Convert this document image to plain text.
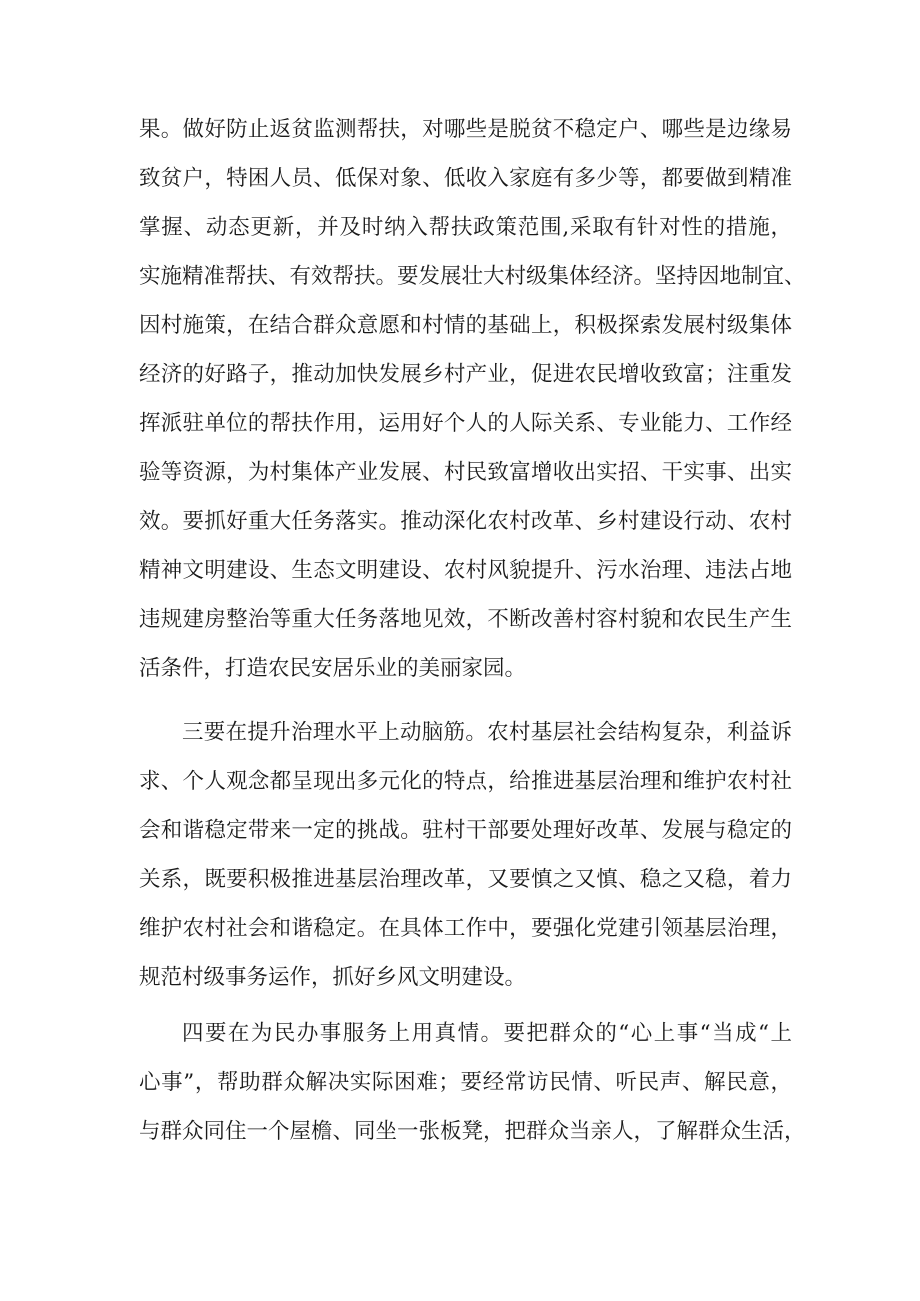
果。做好防止返贫监测帮扶，对哪些是脱贫不稳定户、哪些是边缘易

致贫户，特困人员、低保对象、低收入家庭有多少等，都要做到精准

掌握、动态更新，并及时纳入帮扶政策范围,采取有针对性的措施，

实施精准帮扶、有效帮扶。要发展壮大村级集体经济。坚持因地制宜、

因村施策，在结合群众意愿和村情的基础上，积极探索发展村级集体

经济的好路子，推动加快发展乡村产业，促进农民增收致富；注重发

挥派驻单位的帮扶作用，运用好个人的人际关系、专业能力、工作经

验等资源，为村集体产业发展、村民致富增收出实招、干实事、出实

效。要抓好重大任务落实。推动深化农村改革、乡村建设行动、农村

精神文明建设、生态文明建设、农村风貌提升、污水治理、违法占地

违规建房整治等重大任务落地见效，不断改善村容村貌和农民生产生

活条件，打造农民安居乐业的美丽家园。

三要在提升治理水平上动脑筋。农村基层社会结构复杂，利益诉

求、个人观念都呈现出多元化的特点，给推进基层治理和维护农村社

会和谐稳定带来一定的挑战。驻村干部要处理好改革、发展与稳定的

关系，既要积极推进基层治理改革，又要慎之又慎、稳之又稳，着力

维护农村社会和谐稳定。在具体工作中，要强化党建引领基层治理，

规范村级事务运作，抓好乡风文明建设。

四要在为民办事服务上用真情。要把群众的“心上事“当成“上

心事”，帮助群众解决实际困难；要经常访民情、听民声、解民意，

与群众同住一个屋檐、同坐一张板凳，把群众当亲人，了解群众生活，
